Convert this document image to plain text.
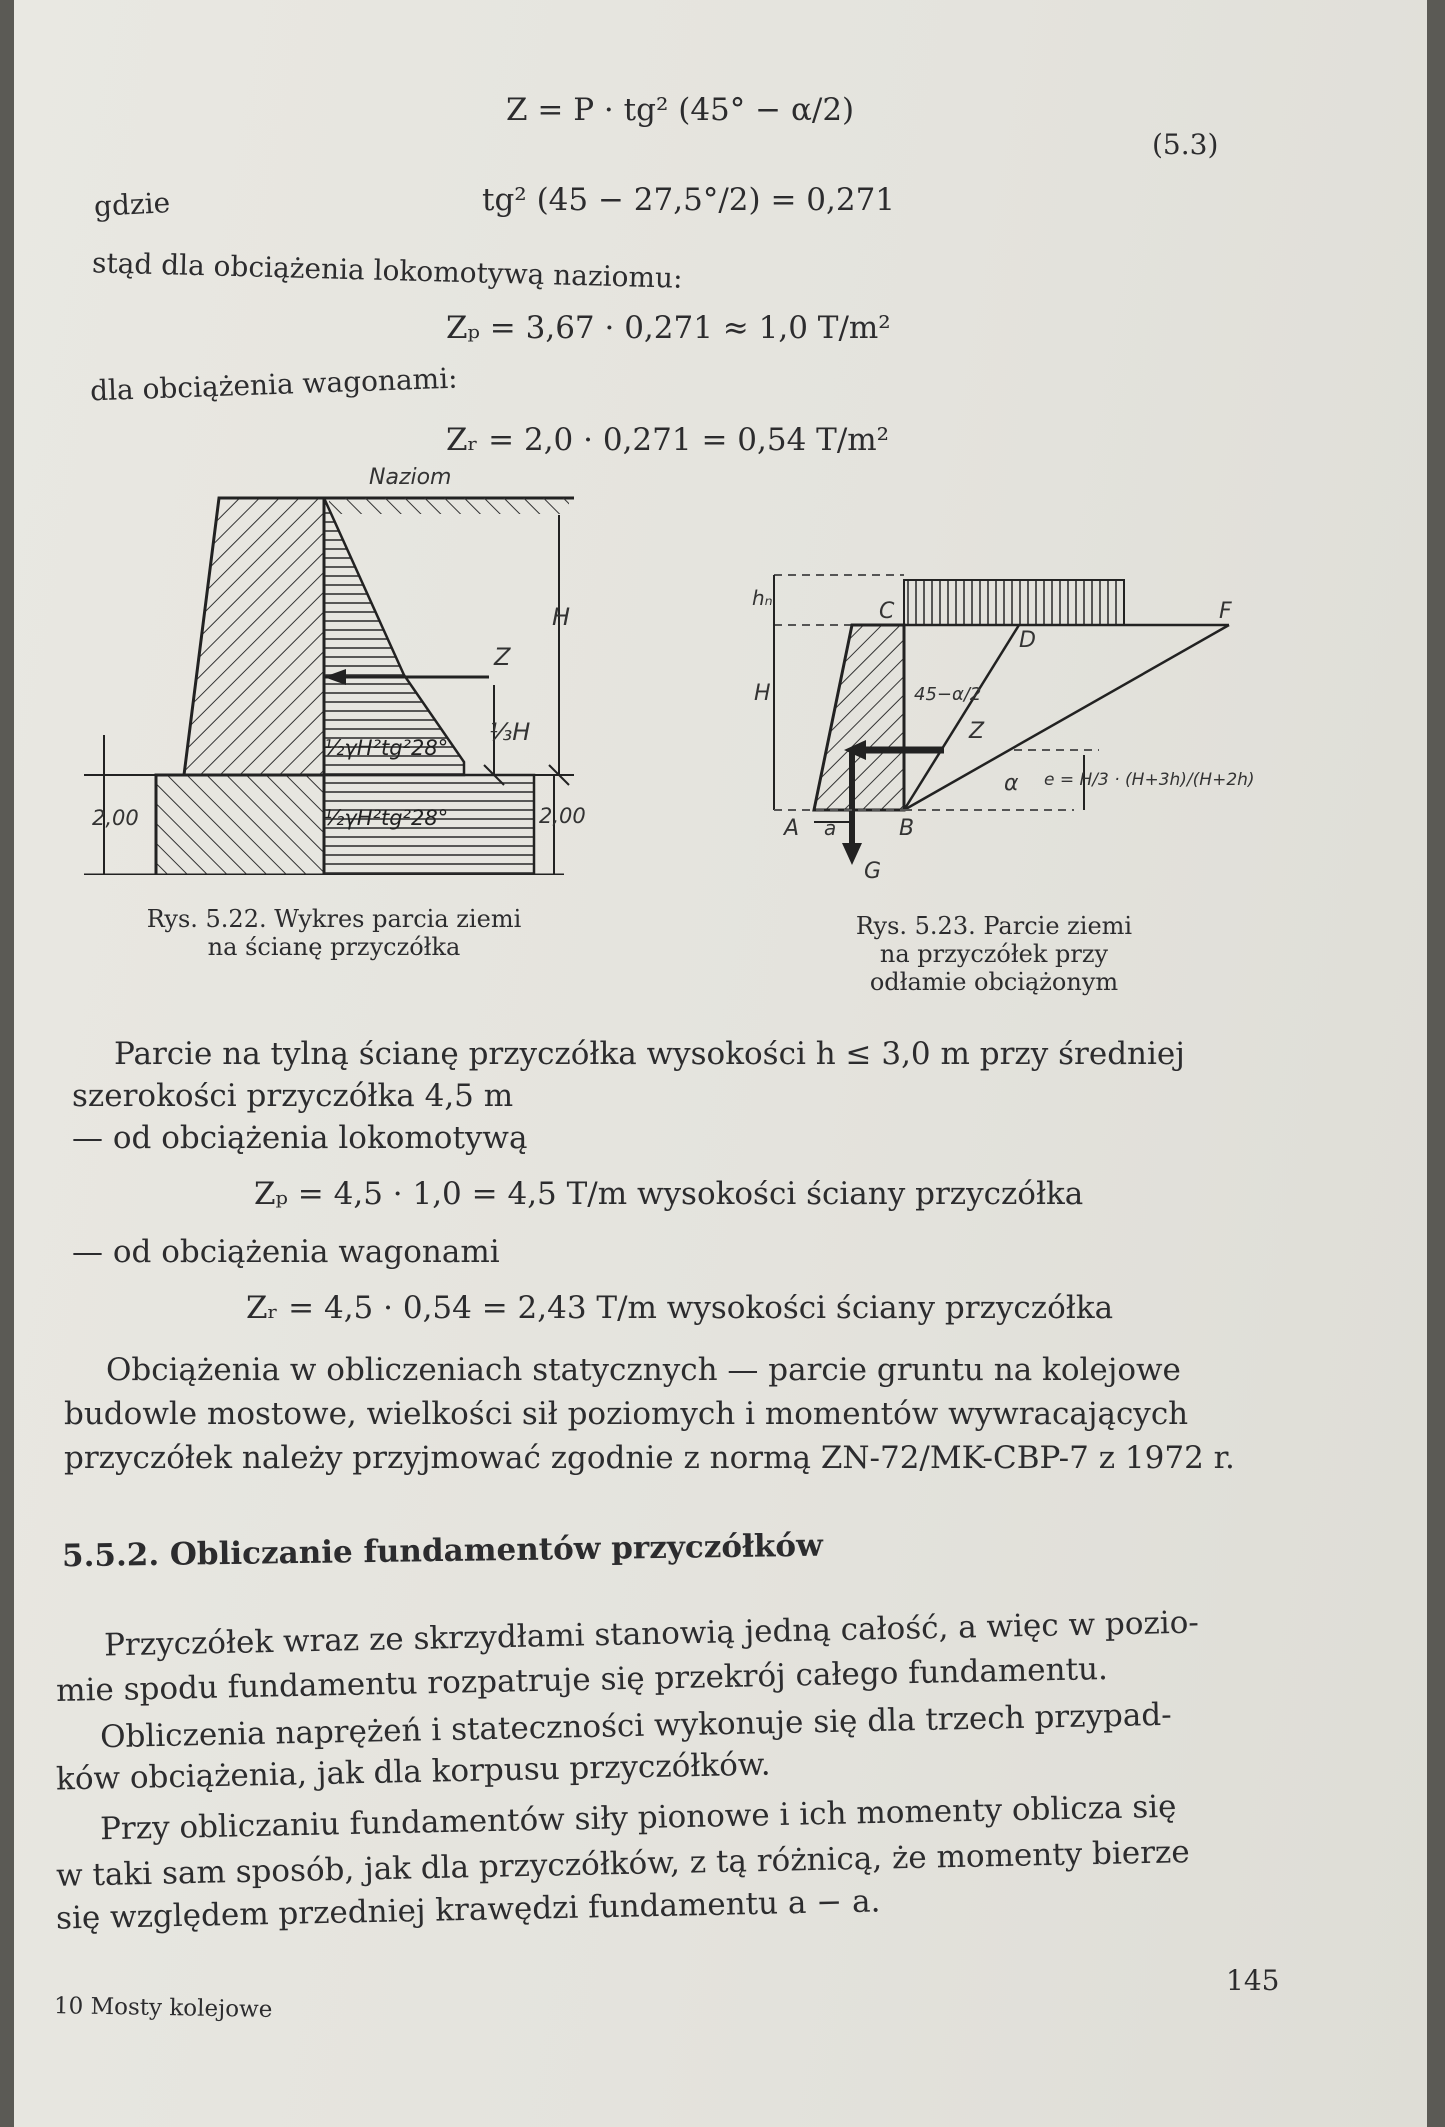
Z = P · tg² (45° − α/2)
(5.3)
gdzie	tg² (45 − 27,5°/2) = 0,271
stąd dla obciążenia lokomotywą naziomu:
Zₚ = 3,67 · 0,271 ≈ 1,0 T/m²
dla obciążenia wagonami:
Zᵣ = 2,0 · 0,271 = 0,54 T/m²
Naziom
H
Z
⅓H
½γH²tg²28°
½γH²tg²28°
2,00	2,00
Rys. 5.22. Wykres parcia ziemi
na ścianę przyczółka
H
hₙ
C
D
F
45−α/2
Z
α e = H/3 · (H+3h)/(H+2h)
A a	B
G
Rys. 5.23. Parcie ziemi
na przyczółek przy
odłamie obciążonym
Parcie na tylną ścianę przyczółka wysokości h ≤ 3,0 m przy średniej
szerokości przyczółka 4,5 m
— od obciążenia lokomotywą
Zₚ = 4,5 · 1,0 = 4,5 T/m wysokości ściany przyczółka
— od obciążenia wagonami
Zᵣ = 4,5 · 0,54 = 2,43 T/m wysokości ściany przyczółka
Obciążenia w obliczeniach statycznych — parcie gruntu na kolejowe
budowle mostowe, wielkości sił poziomych i momentów wywracających
przyczółek należy przyjmować zgodnie z normą ZN-72/MK-CBP-7 z 1972 r.
5.5.2. Obliczanie fundamentów przyczółków
Przyczółek wraz ze skrzydłami stanowią jedną całość, a więc w pozio-
mie spodu fundamentu rozpatruje się przekrój całego fundamentu.
Obliczenia naprężeń i stateczności wykonuje się dla trzech przypad-
ków obciążenia, jak dla korpusu przyczółków.
Przy obliczaniu fundamentów siły pionowe i ich momenty oblicza się
w taki sam sposób, jak dla przyczółków, z tą różnicą, że momenty bierze
się względem przedniej krawędzi fundamentu a − a.
10 Mosty kolejowe
145
